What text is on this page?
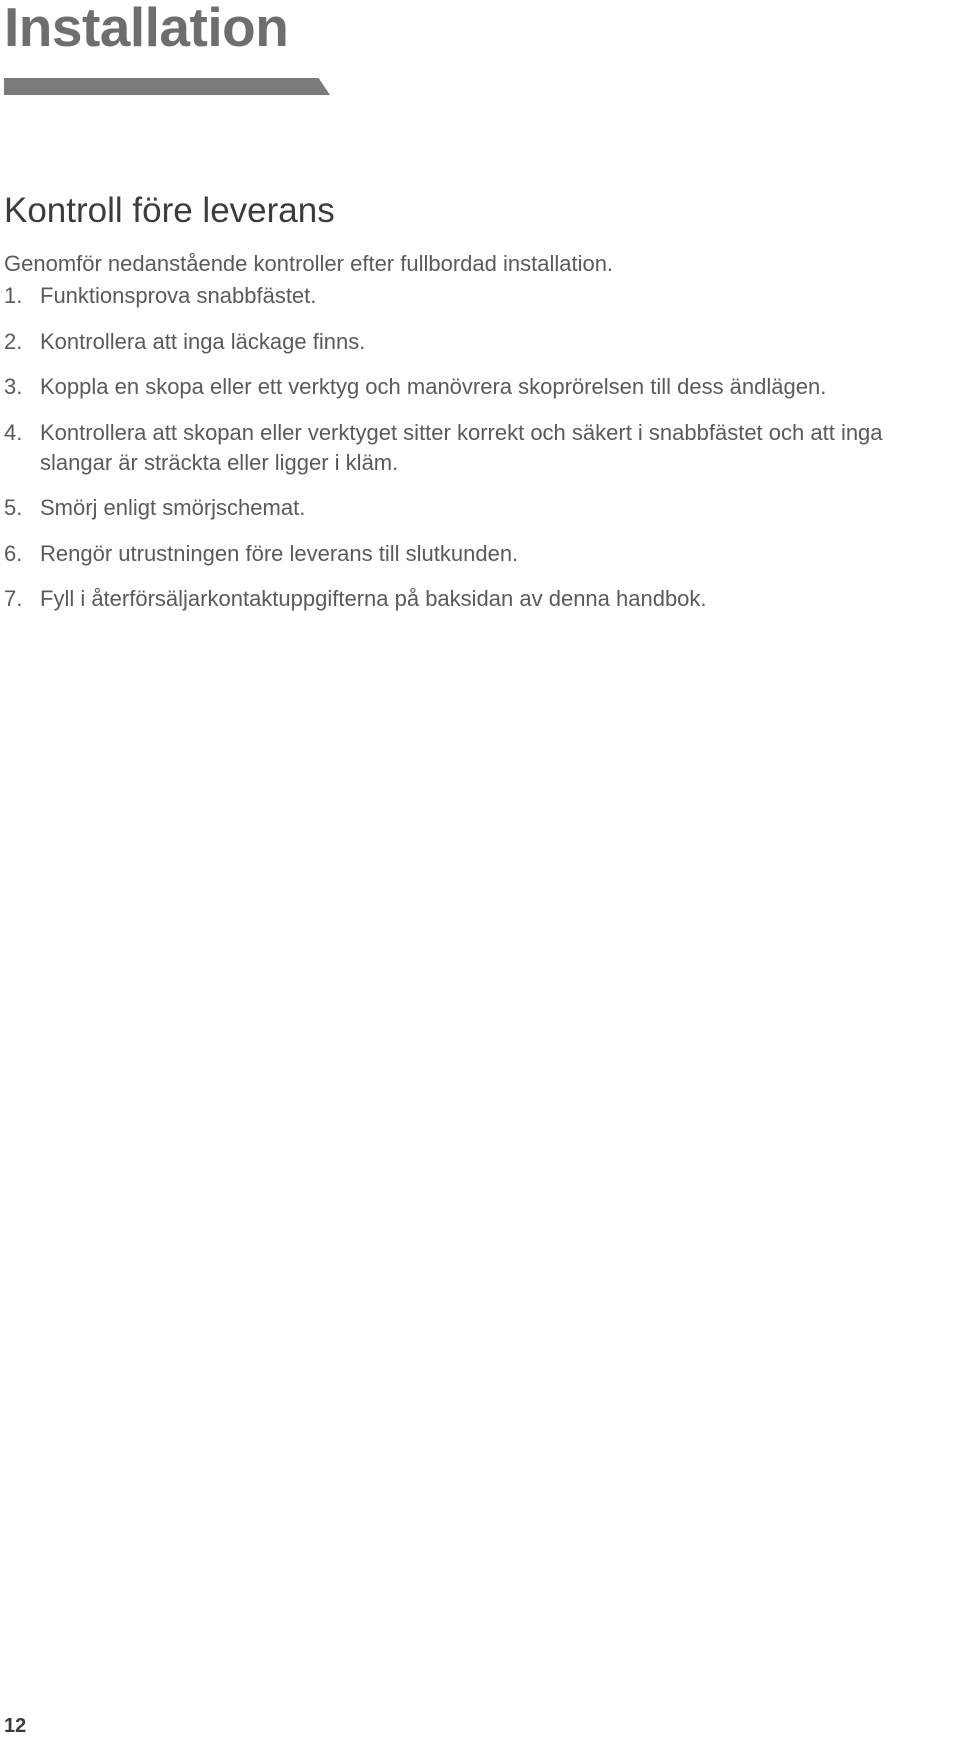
Installation
Kontroll före leverans

Genomför nedanstående kontroller efter fullbordad installation.

1. Funktionsprova snabbfästet.
2. Kontrollera att inga läckage finns.
3. Koppla en skopa eller ett verktyg och manövrera skoprörelsen till dess ändlägen.
4. Kontrollera att skopan eller verktyget sitter korrekt och säkert i snabbfästet och att inga slangar är sträckta eller ligger i kläm.
5. Smörj enligt smörjschemat.
6. Rengör utrustningen före leverans till slutkunden.
7. Fyll i återförsäljarkontaktuppgifterna på baksidan av denna handbok.
12
